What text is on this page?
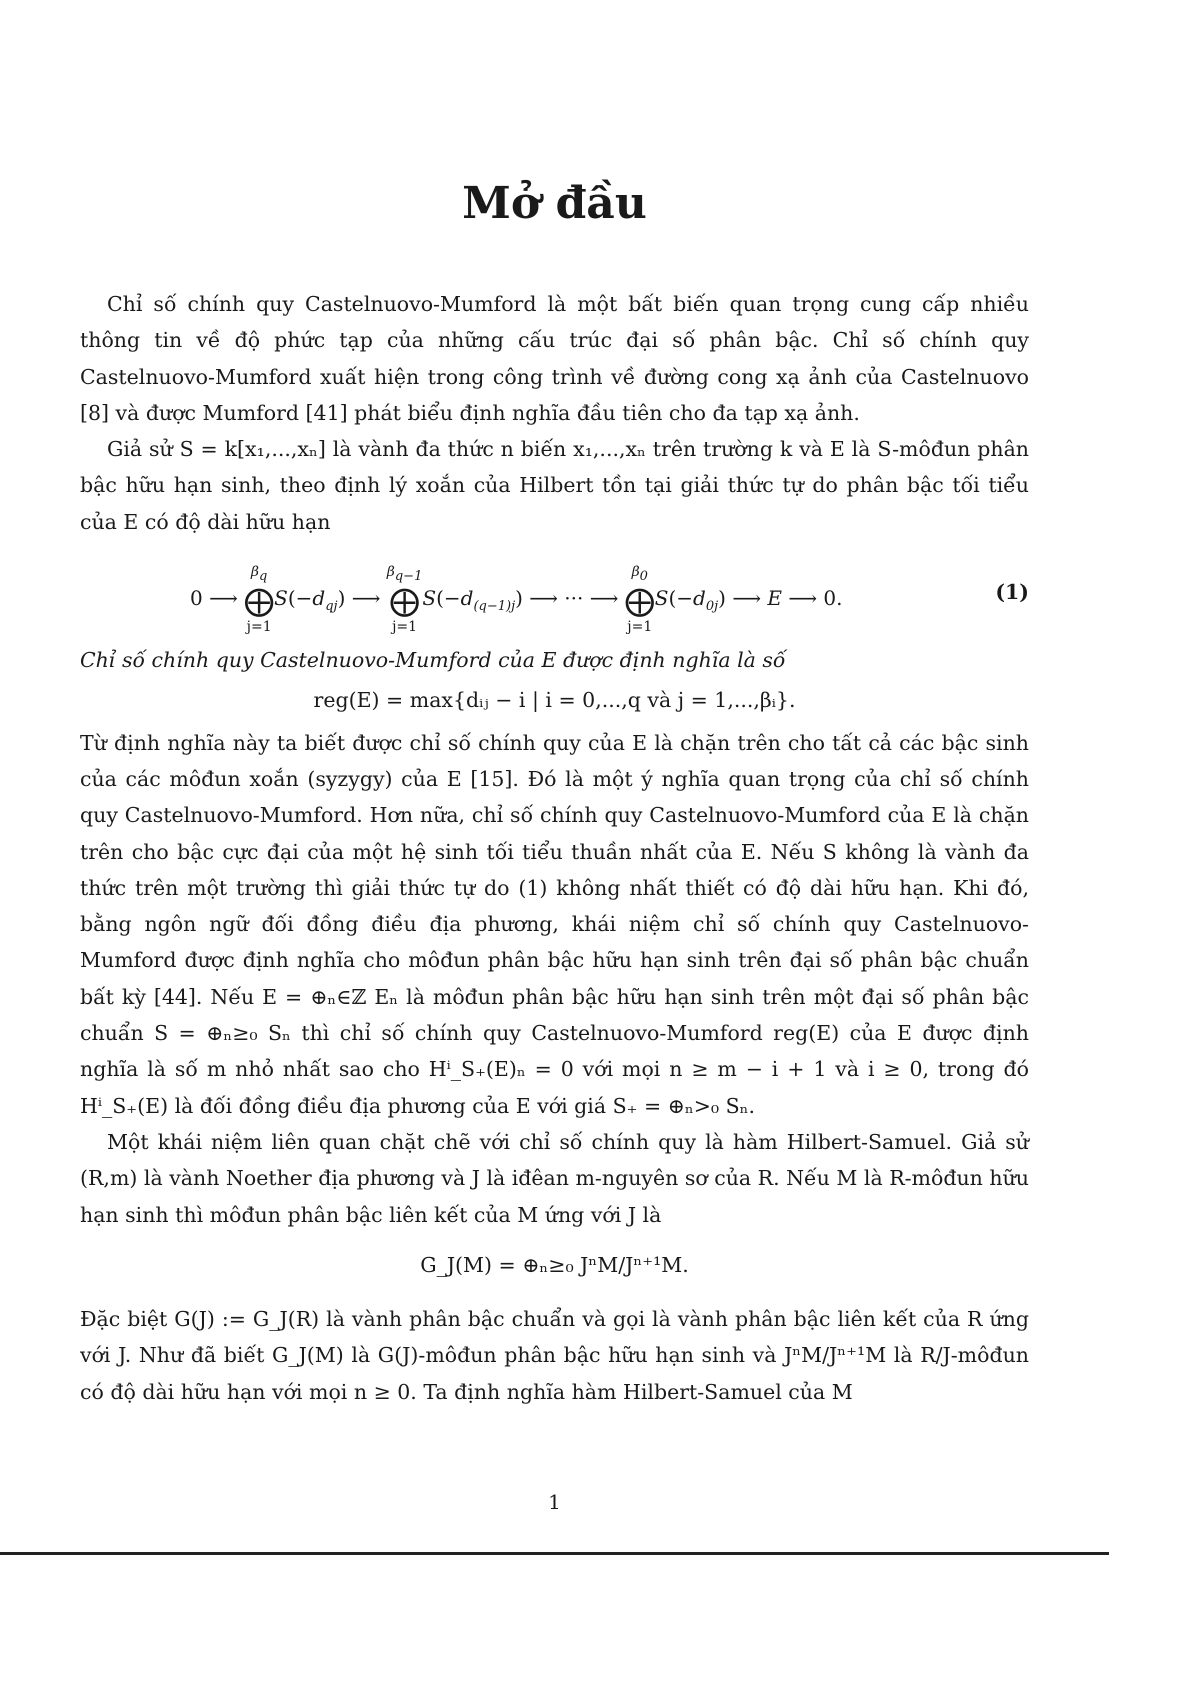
Mở đầu

Chỉ số chính quy Castelnuovo-Mumford là một bất biến quan trọng cung cấp nhiều thông tin về độ phức tạp của những cấu trúc đại số phân bậc. Chỉ số chính quy Castelnuovo-Mumford xuất hiện trong công trình về đường cong xạ ảnh của Castelnuovo [8] và được Mumford [41] phát biểu định nghĩa đầu tiên cho đa tạp xạ ảnh.

Giả sử S = k[x₁,...,xₙ] là vành đa thức n biến x₁,...,xₙ trên trường k và E là S-môđun phân bậc hữu hạn sinh, theo định lý xoắn của Hilbert tồn tại giải thức tự do phân bậc tối tiểu của E có độ dài hữu hạn

0 ⟶ $\beta_q$
⨁
$j=1S(-d_{qj})$ ⟶ $\beta_{q-1}$
⨁
$j=1S(-d_{(q-1)j})$ ⟶ ··· ⟶ $\beta_0$
⨁
$j=1S(-d_{0j})$ ⟶ E ⟶ 0.	(1)

Chỉ số chính quy Castelnuovo-Mumford của E được định nghĩa là số

reg(E) = max{dᵢⱼ − i | i = 0,...,q và j = 1,...,βᵢ}.

Từ định nghĩa này ta biết được chỉ số chính quy của E là chặn trên cho tất cả các bậc sinh của các môđun xoắn (syzygy) của E [15]. Đó là một ý nghĩa quan trọng của chỉ số chính quy Castelnuovo-Mumford. Hơn nữa, chỉ số chính quy Castelnuovo-Mumford của E là chặn trên cho bậc cực đại của một hệ sinh tối tiểu thuần nhất của E. Nếu S không là vành đa thức trên một trường thì giải thức tự do (1) không nhất thiết có độ dài hữu hạn. Khi đó, bằng ngôn ngữ đối đồng điều địa phương, khái niệm chỉ số chính quy Castelnuovo-Mumford được định nghĩa cho môđun phân bậc hữu hạn sinh trên đại số phân bậc chuẩn bất kỳ [44]. Nếu E = ⊕ₙ∈ℤ Eₙ là môđun phân bậc hữu hạn sinh trên một đại số phân bậc chuẩn S = ⊕ₙ≥₀ Sₙ thì chỉ số chính quy Castelnuovo-Mumford reg(E) của E được định nghĩa là số m nhỏ nhất sao cho Hⁱ_S₊(E)ₙ = 0 với mọi n ≥ m − i + 1 và i ≥ 0, trong đó Hⁱ_S₊(E) là đối đồng điều địa phương của E với giá S₊ = ⊕ₙ>₀ Sₙ.

Một khái niệm liên quan chặt chẽ với chỉ số chính quy là hàm Hilbert-Samuel. Giả sử (R,m) là vành Noether địa phương và J là iđêan m-nguyên sơ của R. Nếu M là R-môđun hữu hạn sinh thì môđun phân bậc liên kết của M ứng với J là

G_J(M) = ⊕ₙ≥₀ JⁿM/Jⁿ⁺¹M.

Đặc biệt G(J) := G_J(R) là vành phân bậc chuẩn và gọi là vành phân bậc liên kết của R ứng với J. Như đã biết G_J(M) là G(J)-môđun phân bậc hữu hạn sinh và JⁿM/Jⁿ⁺¹M là R/J-môđun có độ dài hữu hạn với mọi n ≥ 0. Ta định nghĩa hàm Hilbert-Samuel của M

1
